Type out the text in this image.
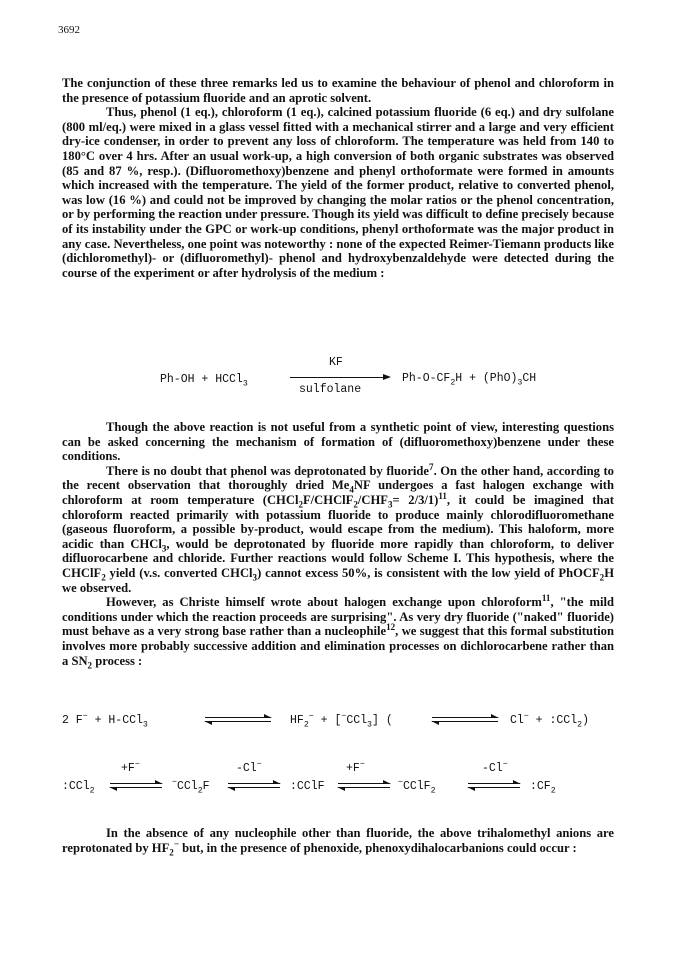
3692

The conjunction of these three remarks led us to examine the behaviour of phenol and chloroform in the presence of potassium fluoride and an aprotic solvent.

Thus, phenol (1 eq.), chloroform (1 eq.), calcined potassium fluoride (6 eq.) and dry sulfolane (800 ml/eq.) were mixed in a glass vessel fitted with a mechanical stirrer and a large and very efficient dry-ice condenser, in order to prevent any loss of chloroform. The temperature was held from 140 to 180°C over 4 hrs. After an usual work-up, a high conversion of both organic substrates was observed (85 and 87 %, resp.). (Difluoromethoxy)benzene and phenyl orthoformate were formed in amounts which increased with the temperature. The yield of the former product, relative to converted phenol, was low (16 %) and could not be improved by changing the molar ratios or the phenol concentration, or by performing the reaction under pressure. Though its yield was difficult to define precisely because of its instability under the GPC or work-up conditions, phenyl orthoformate was the major product in any case. Nevertheless, one point was noteworthy : none of the expected Reimer-Tiemann products like (dichloromethyl)- or (difluoromethyl)- phenol and hydroxybenzaldehyde were detected during the course of the experiment or after hydrolysis of the medium :

Ph-OH + HCCl$_3$
KF
sulfolane
$Ph-O-CF_2H + (PhO)_3CH$

Though the above reaction is not useful from a synthetic point of view, interesting questions can be asked concerning the mechanism of formation of (difluoromethoxy)benzene under these conditions.

There is no doubt that phenol was deprotonated by fluoride$^7$. On the other hand, according to the recent observation that thoroughly dried $Me_4NF$ undergoes a fast halogen exchange with chloroform at room temperature $(CHCl_2F/CHClF_2/CHF_3= 2/3/1)^{11}$, it could be imagined that chloroform reacted primarily with potassium fluoride to produce mainly chlorodifluoromethane (gaseous fluoroform, a possible by-product, would escape from the medium). This haloform, more acidic than CHCl$_3$, would be deprotonated by fluoride more rapidly than chloroform, to deliver difluorocarbene and chloride. Further reactions would follow Scheme I. This hypothesis, where the CHClF$_2$ yield (v.s. converted CHCl$_3$) cannot excess 50%, is consistent with the low yield of PhOCF$_2$H we observed.

However, as Christe himself wrote about halogen exchange upon chloroform$^{11}$, "the mild conditions under which the reaction proceeds are surprising". As very dry fluoride ("naked" fluoride) must behave as a very strong base rather than a nucleophile$^{12}$, we suggest that this formal substitution involves more probably successive addition and elimination processes on dichlorocarbene rather than a $SN_2$ process :

2 F− + H-CCl$_3$	$HF_2^- + [^-CCl_3]$ (	Cl− + :CCl$_2$)
:CCl$_2$
+F−
⇌ −CCl$_2$F
-Cl−
⇌ :CClF
+F−
⇌ −CClF$_2$
-Cl−
⇌ $:CF_2$

In the absence of any nucleophile other than fluoride, the above trihalomethyl anions are reprotonated by $HF_2^-$ but, in the presence of phenoxide, phenoxydihalocarbanions could occur :
